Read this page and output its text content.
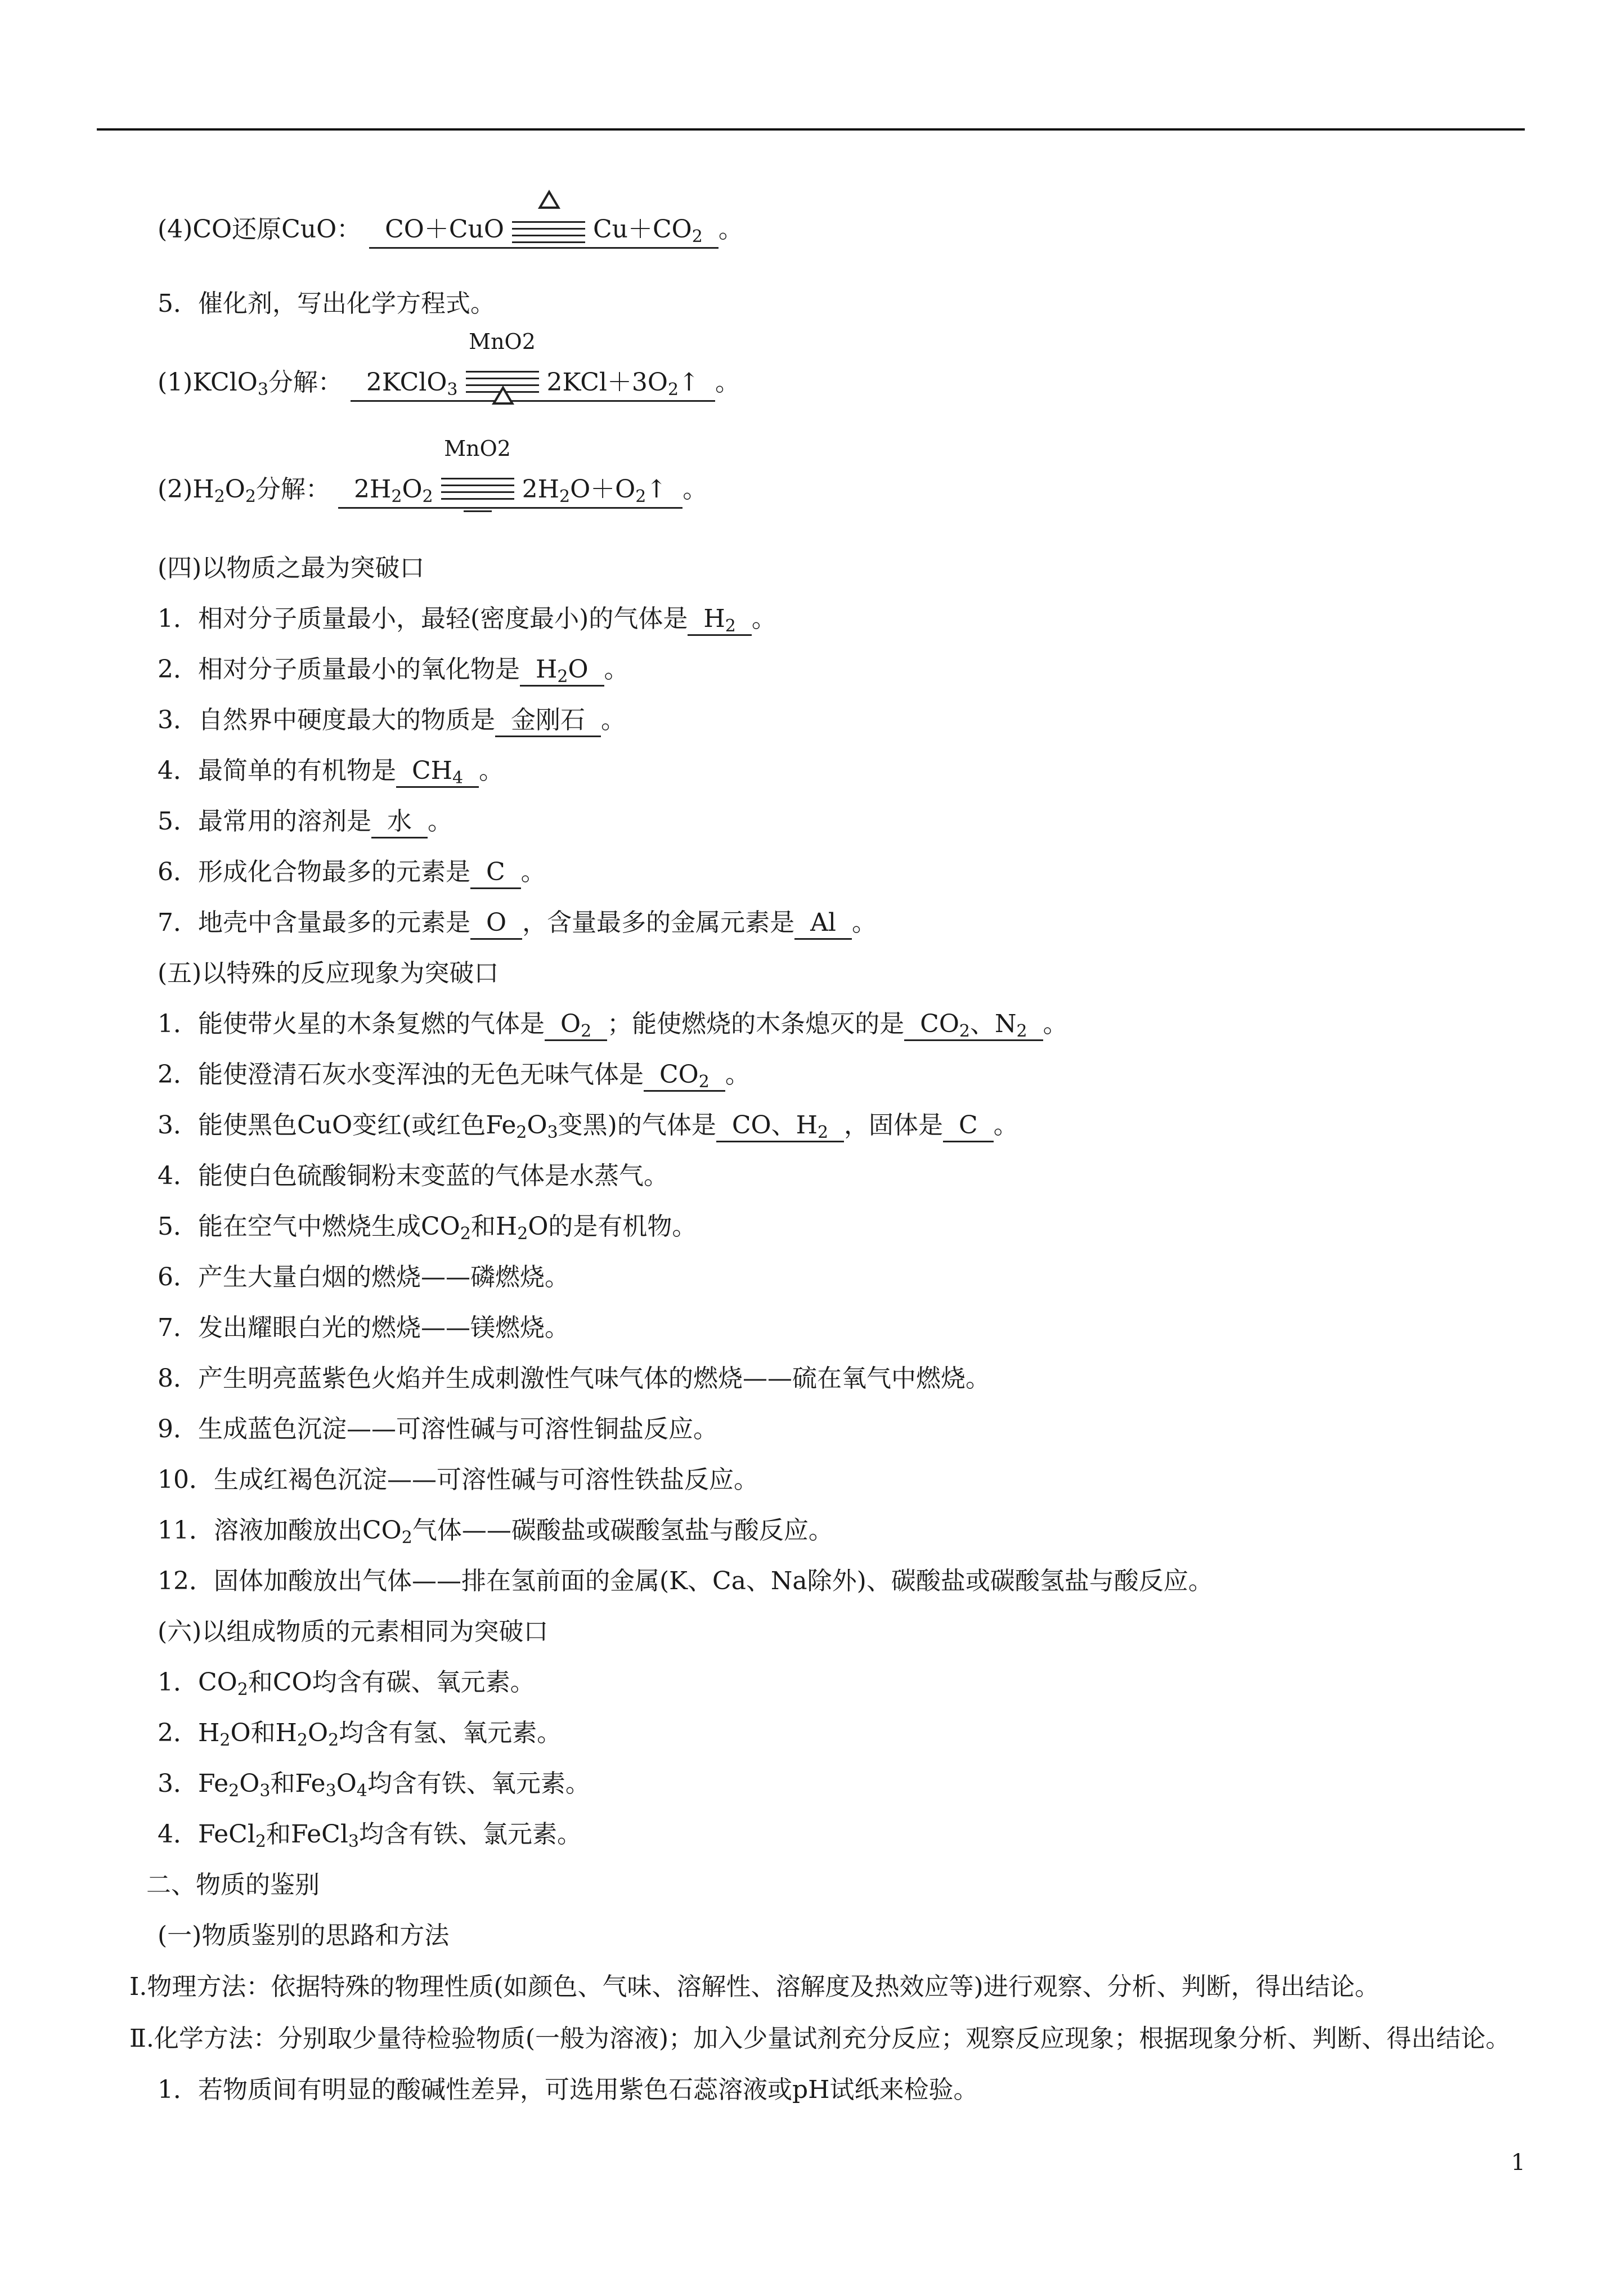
(4)CO还原CuO： CO＋CuO	$Cu+CO_2$ 。
5．催化剂，写出化学方程式。
(1)KClO$_3$分解： 2KClO$_3$
MnO2
$2KCl+3O_2↑$ 。
$(2)H_2O_2$分解： $2H_2O_2$
MnO2
$2H_2O+O_2↑$ 。
(四)以物质之最为突破口
1．相对分子质量最小，最轻(密度最小)的气体是 $H_2$ 。
2．相对分子质量最小的氧化物是 $H_2O$ 。
3．自然界中硬度最大的物质是 金刚石 。
4．最简单的有机物是 $CH_4$ 。
5．最常用的溶剂是 水 。
6．形成化合物最多的元素是 C 。
7．地壳中含量最多的元素是 O ，含量最多的金属元素是 Al 。
(五)以特殊的反应现象为突破口
1．能使带火星的木条复燃的气体是 $O_2$ ；能使燃烧的木条熄灭的是 $CO_2$、$N_2$ 。
2．能使澄清石灰水变浑浊的无色无味气体是 $CO_2$ 。
3．能使黑色CuO变红(或红色$Fe_2O_3$变黑)的气体是 CO、$H_2$ ，固体是 C 。
4．能使白色硫酸铜粉末变蓝的气体是水蒸气。
5．能在空气中燃烧生成$CO_2$和$H_2O$的是有机物。
6．产生大量白烟的燃烧——磷燃烧。
7．发出耀眼白光的燃烧——镁燃烧。
8．产生明亮蓝紫色火焰并生成刺激性气味气体的燃烧——硫在氧气中燃烧。
9．生成蓝色沉淀——可溶性碱与可溶性铜盐反应。
10．生成红褐色沉淀——可溶性碱与可溶性铁盐反应。
11．溶液加酸放出$CO_2$气体——碳酸盐或碳酸氢盐与酸反应。
12．固体加酸放出气体——排在氢前面的金属(K、Ca、Na除外)、碳酸盐或碳酸氢盐与酸反应。
(六)以组成物质的元素相同为突破口
1．$CO_2$和CO均含有碳、氧元素。
2．$H_2O$和$H_2O_2$均含有氢、氧元素。
3．$Fe_2O_3$和$Fe_3O_4$均含有铁、氧元素。
4．FeCl$_2$和FeCl$_3$均含有铁、氯元素。
二、物质的鉴别
(一)物质鉴别的思路和方法
Ⅰ.物理方法：依据特殊的物理性质(如颜色、气味、溶解性、溶解度及热效应等)进行观察、分析、判断，得出结论。
Ⅱ.化学方法：分别取少量待检验物质(一般为溶液)；加入少量试剂充分反应；观察反应现象；根据现象分析、判断、得出结论。
1．若物质间有明显的酸碱性差异，可选用紫色石蕊溶液或pH试纸来检验。
1
